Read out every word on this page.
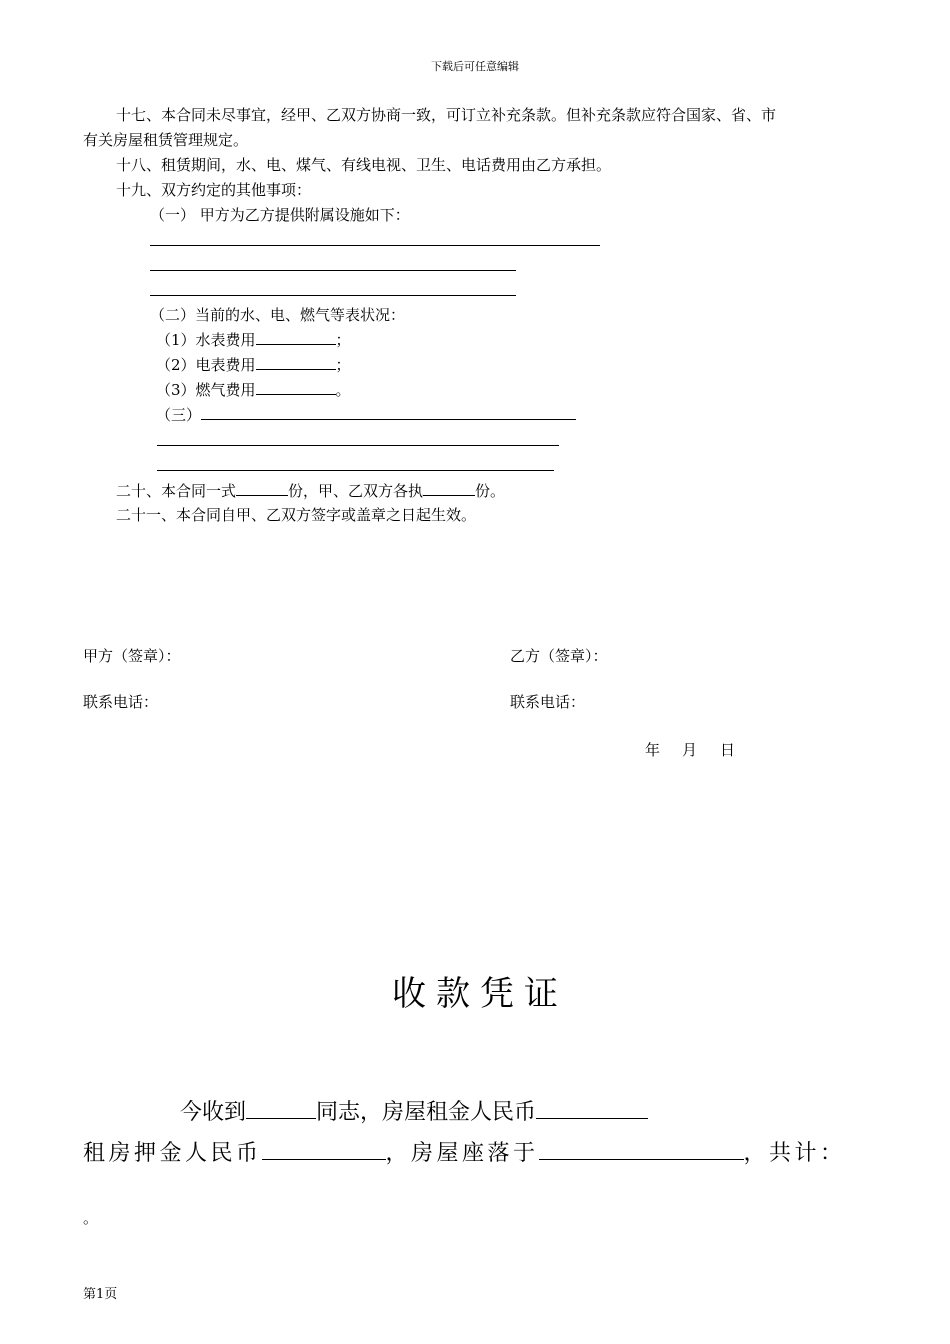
下载后可任意编辑
十七、本合同未尽事宜，经甲、乙双方协商一致，可订立补充条款。但补充条款应符合国家、省、市
有关房屋租赁管理规定。
十八、租赁期间，水、电、煤气、有线电视、卫生、电话费用由乙方承担。
十九、双方约定的其他事项：
（一） 甲方为乙方提供附属设施如下：
（二）当前的水、电、燃气等表状况：
（1）水表费用	；
（2）电表费用	；
（3）燃气费用	。
（三）
二十、本合同一式	份，甲、乙双方各执	份。
二十一、本合同自甲、乙双方签字或盖章之日起生效。
甲方（签章）：	乙方（签章）：
联系电话：	联系电话：
年 月 日
收款凭证
今收到	同志，房屋租金人民币
租房押金人民币	，房屋座落于	，共计：
。
第1页
